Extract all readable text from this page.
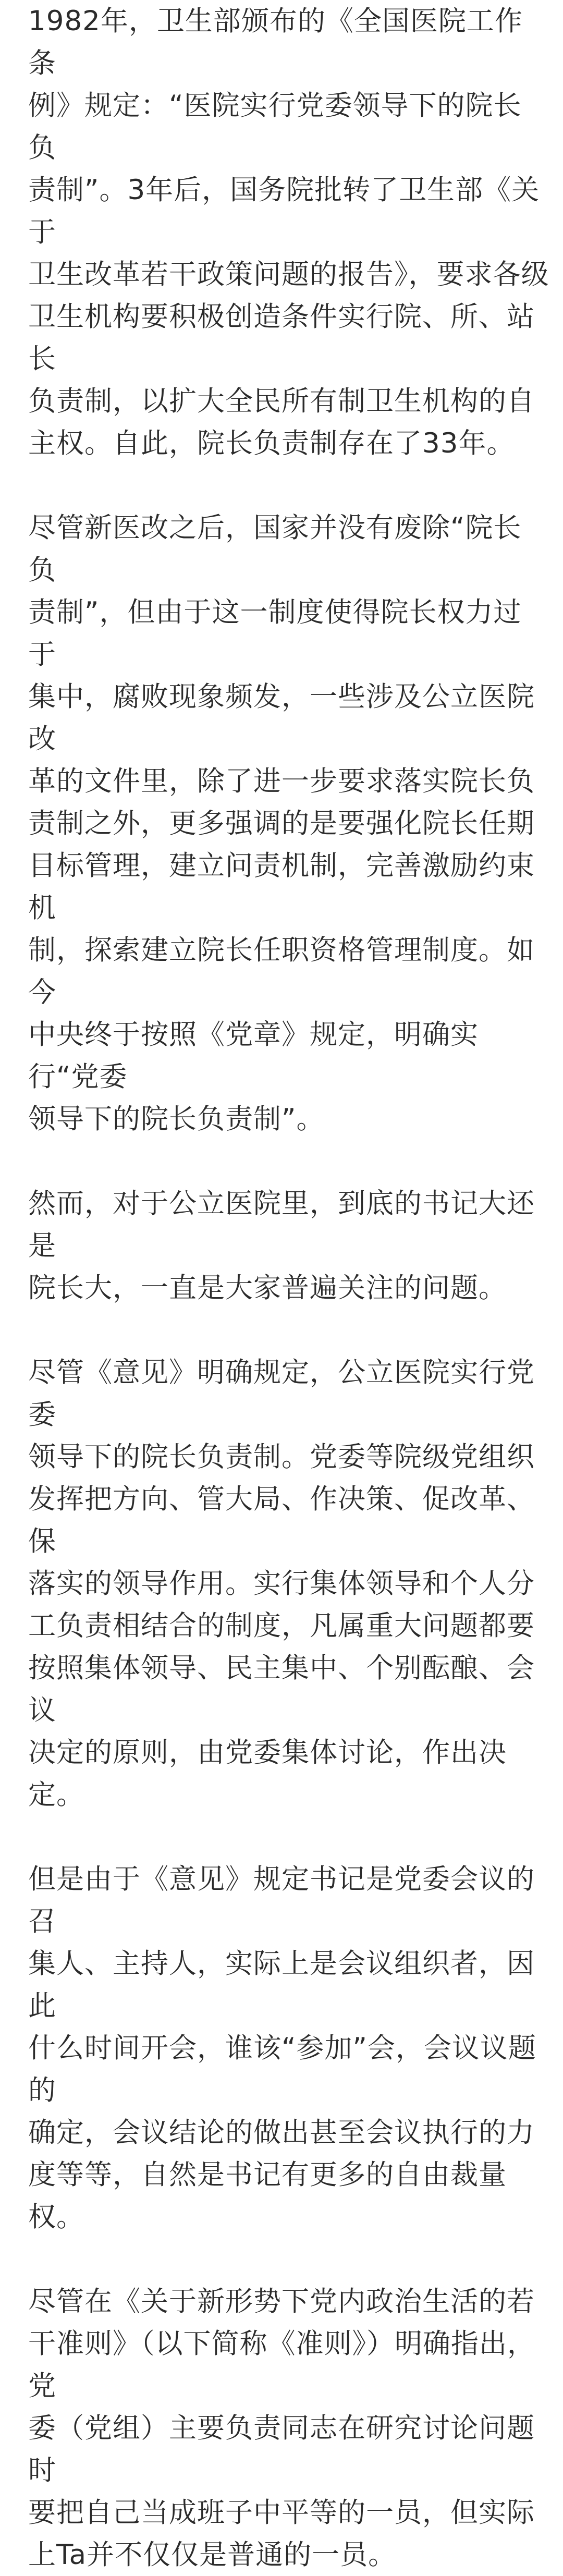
1982年，卫生部颁布的《全国医院工作条
例》规定：“医院实行党委领导下的院长负
责制”。3年后，国务院批转了卫生部《关于
卫生改革若干政策问题的报告》，要求各级
卫生机构要积极创造条件实行院、所、站长
负责制，以扩大全民所有制卫生机构的自
主权。自此，院长负责制存在了33年。

尽管新医改之后，国家并没有废除“院长负
责制”，但由于这一制度使得院长权力过于
集中，腐败现象频发，一些涉及公立医院改
革的文件里，除了进一步要求落实院长负
责制之外，更多强调的是要强化院长任期
目标管理，建立问责机制，完善激励约束机
制，探索建立院长任职资格管理制度。如今
中央终于按照《党章》规定，明确实行“党委
领导下的院长负责制”。

然而，对于公立医院里，到底的书记大还是
院长大，一直是大家普遍关注的问题。

尽管《意见》明确规定，公立医院实行党委
领导下的院长负责制。党委等院级党组织
发挥把方向、管大局、作决策、促改革、保
落实的领导作用。实行集体领导和个人分
工负责相结合的制度，凡属重大问题都要
按照集体领导、民主集中、个别酝酿、会议
决定的原则，由党委集体讨论，作出决定。

但是由于《意见》规定书记是党委会议的召
集人、主持人，实际上是会议组织者，因此
什么时间开会，谁该“参加”会，会议议题的
确定，会议结论的做出甚至会议执行的力
度等等，自然是书记有更多的自由裁量权。

尽管在《关于新形势下党内政治生活的若
干准则》（以下简称《准则》）明确指出，党
委（党组）主要负责同志在研究讨论问题时
要把自己当成班子中平等的一员，但实际
上Ta并不仅仅是普通的一员。
